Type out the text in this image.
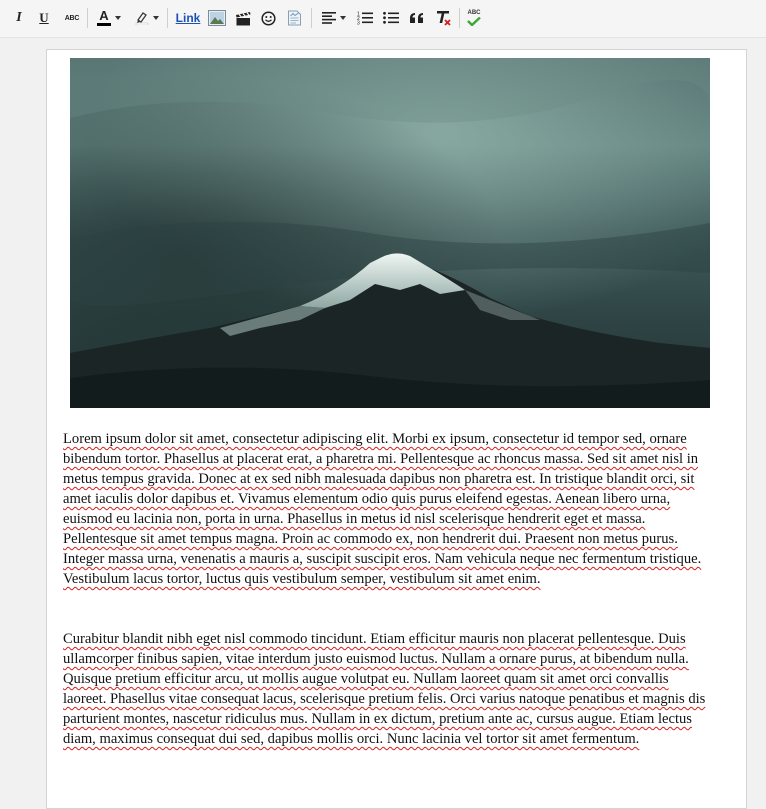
I U ABC A	Link	1
2
3
ABC

Lorem ipsum dolor sit amet, consectetur adipiscing elit. Morbi ex ipsum, consectetur id tempor sed, ornare bibendum tortor. Phasellus at placerat erat, a pharetra mi. Pellentesque ac rhoncus massa. Sed sit amet nisl in metus tempus gravida. Donec at ex sed nibh malesuada dapibus non pharetra est. In tristique blandit orci, sit amet iaculis dolor dapibus et. Vivamus elementum odio quis purus eleifend egestas. Aenean libero urna, euismod eu lacinia non, porta in urna. Phasellus in metus id nisl scelerisque hendrerit eget et massa. Pellentesque sit amet tempus magna. Proin ac commodo ex, non hendrerit dui. Praesent non metus purus. Integer massa urna, venenatis a mauris a, suscipit suscipit eros. Nam vehicula neque nec fermentum tristique. Vestibulum lacus tortor, luctus quis vestibulum semper, vestibulum sit amet enim.

Curabitur blandit nibh eget nisl commodo tincidunt. Etiam efficitur mauris non placerat pellentesque. Duis ullamcorper finibus sapien, vitae interdum justo euismod luctus. Nullam a ornare purus, at bibendum nulla. Quisque pretium efficitur arcu, ut mollis augue volutpat eu. Nullam laoreet quam sit amet orci convallis laoreet. Phasellus vitae consequat lacus, scelerisque pretium felis. Orci varius natoque penatibus et magnis dis parturient montes, nascetur ridiculus mus. Nullam in ex dictum, pretium ante ac, cursus augue. Etiam lectus diam, maximus consequat dui sed, dapibus mollis orci. Nunc lacinia vel tortor sit amet fermentum.
